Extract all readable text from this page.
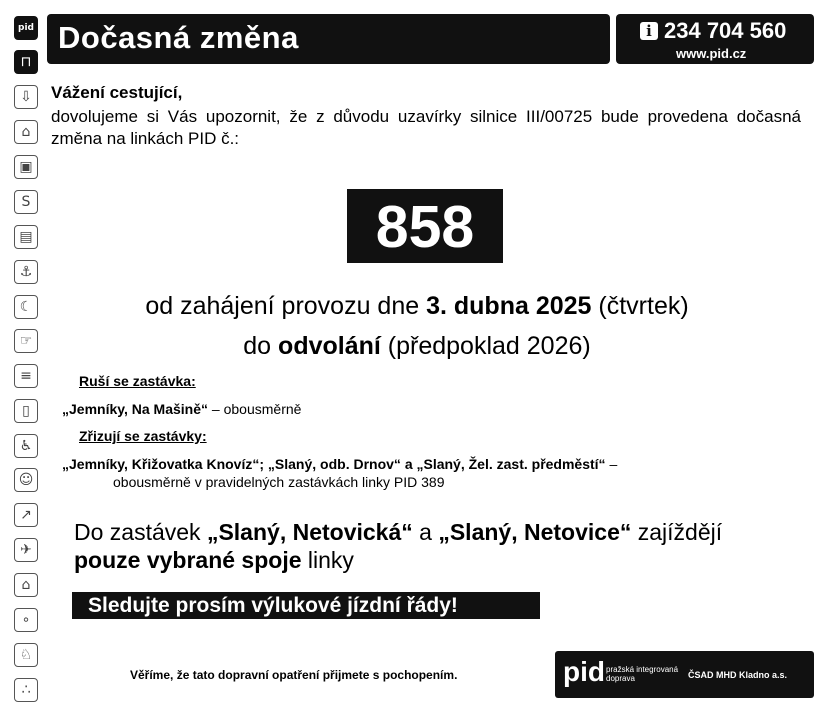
pid
⊓
⇩
⌂
▣
S
▤
⚓
☾
☞
≡
▯
♿
☺
↗
✈
⌂
∘
♘
∴
Dočasná změna	i 234 704 560
www.pid.cz
Vážení cestující,
dovolujeme si Vás upozornit, že z důvodu uzavírky silnice III/00725 bude provedena dočasná změna na linkách PID č.:
858
od zahájení provozu dne 3. dubna 2025 (čtvrtek)
do odvolání (předpoklad 2026)
Ruší se zastávka:
„Jemníky, Na Mašině“ – obousměrně
Zřizují se zastávky:
„Jemníky, Křižovatka Knovíz“; „Slaný, odb. Drnov“ a „Slaný, Žel. zast. předměstí“ –
obousměrně v pravidelných zastávkách linky PID 389
Do zastávek „Slaný, Netovická“ a „Slaný, Netovice“ zajíždějí
pouze vybrané spoje linky
Sledujte prosím výlukové jízdní řády!
Věříme, že tato dopravní opatření přijmete s pochopením.	pid pražská integrovaná
doprava	ČSAD MHD Kladno a.s.
